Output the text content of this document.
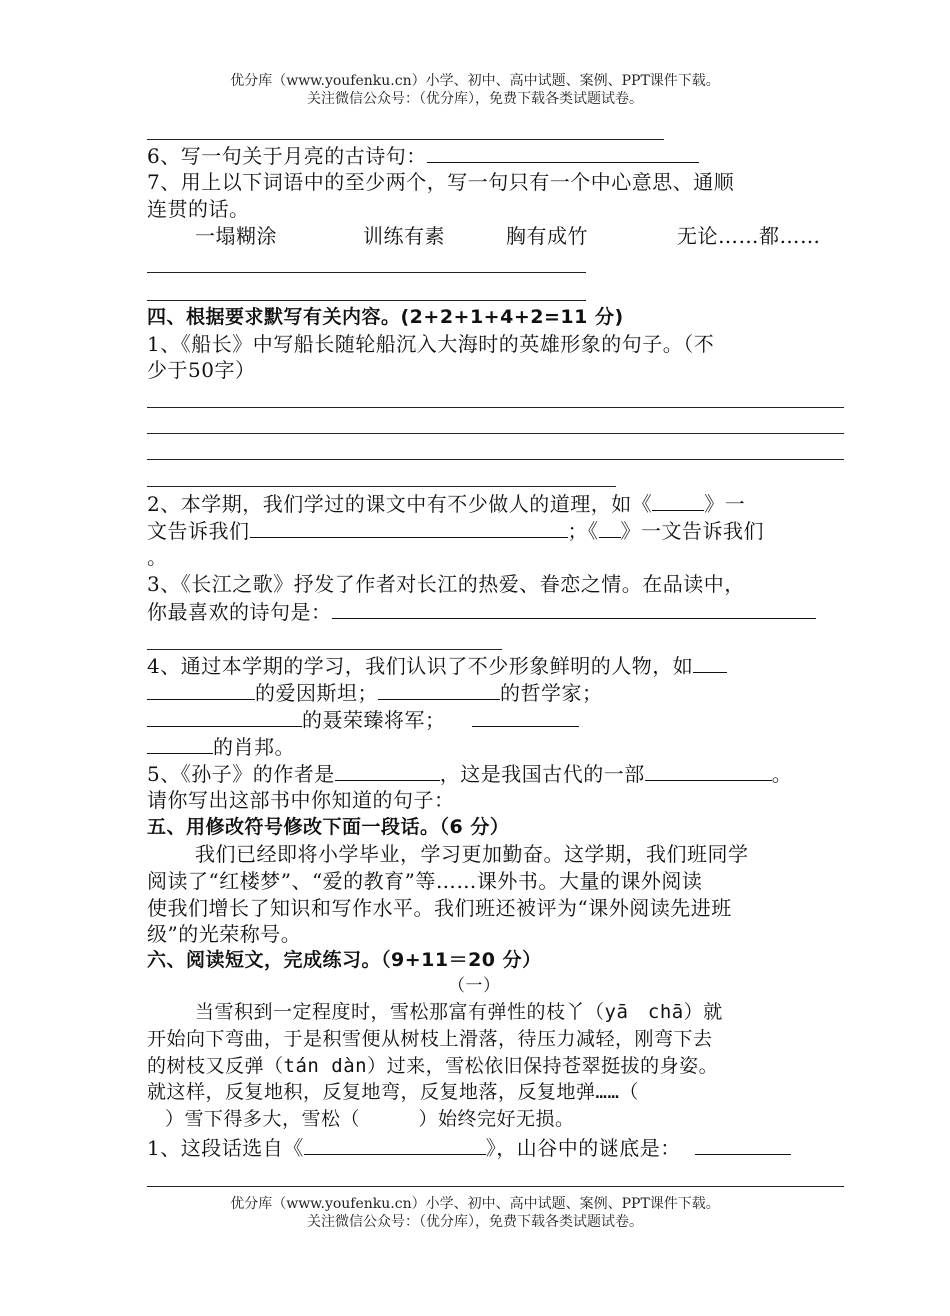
优分库（www.youfenku.cn）小学、初中、高中试题、案例、PPT课件下载。
关注微信公众号：（优分库），免费下载各类试题试卷。
6、写一句关于月亮的古诗句：
7、用上以下词语中的至少两个，写一句只有一个中心意思、通顺
连贯的话。
一塌糊涂	训练有素	胸有成竹	无论……都……
四、根据要求默写有关内容。(2+2+1+4+2=11 分)
1、《船长》中写船长随轮船沉入大海时的英雄形象的句子。（不
少于50字）
2、本学期，我们学过的课文中有不少做人的道理，如《	》一
文告诉我们	；《 》一文告诉我们
。
3、《长江之歌》抒发了作者对长江的热爱、眷恋之情。在品读中，
你最喜欢的诗句是：
4、通过本学期的学习，我们认识了不少形象鲜明的人物，如
的爱因斯坦；	的哲学家；
的聂荣臻将军；
的肖邦。
5、《孙子》的作者是	，这是我国古代的一部	。
请你写出这部书中你知道的句子：
五、用修改符号修改下面一段话。（6 分）
我们已经即将小学毕业，学习更加勤奋。这学期，我们班同学
阅读了“红楼梦”、“爱的教育”等……课外书。大量的课外阅读
使我们增长了知识和写作水平。我们班还被评为“课外阅读先进班
级”的光荣称号。
六、阅读短文，完成练习。（9+11＝20 分）
（一）
当雪积到一定程度时，雪松那富有弹性的枝丫（yā　chā）就
开始向下弯曲，于是积雪便从树枝上滑落，待压力减轻，刚弯下去
的树枝又反弹（tán dàn）过来，雪松依旧保持苍翠挺拔的身姿。
就这样，反复地积，反复地弯，反复地落，反复地弹……（
）雪下得多大，雪松（　　　）始终完好无损。
1、这段话选自《	》，山谷中的谜底是：
优分库（www.youfenku.cn）小学、初中、高中试题、案例、PPT课件下载。
关注微信公众号：（优分库），免费下载各类试题试卷。
